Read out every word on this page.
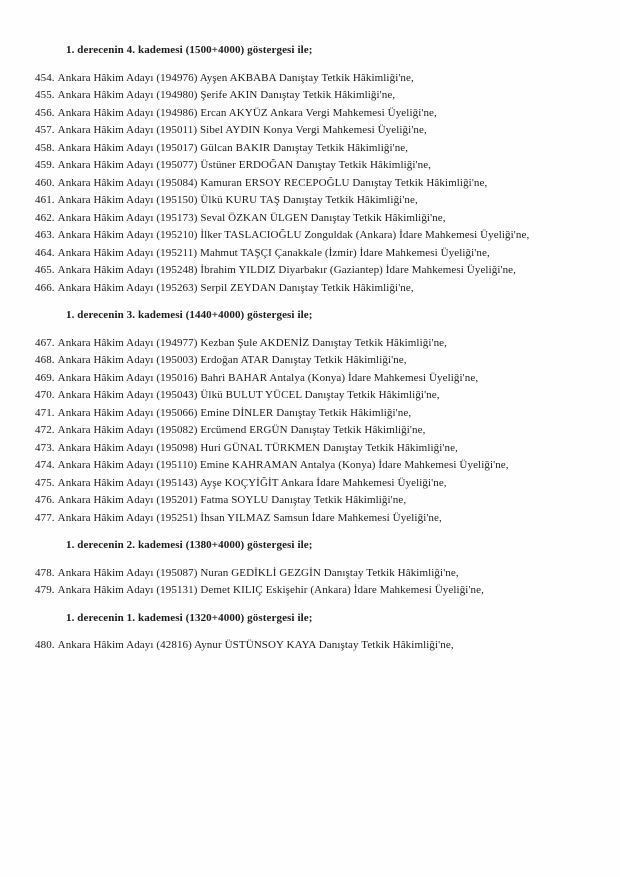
1. derecenin 4. kademesi (1500+4000) göstergesi ile;

454. Ankara Hâkim Adayı (194976) Ayşen AKBABA Danıştay Tetkik Hâkimliği'ne,

455. Ankara Hâkim Adayı (194980) Şerife AKIN Danıştay Tetkik Hâkimliği'ne,

456. Ankara Hâkim Adayı (194986) Ercan AKYÜZ Ankara Vergi Mahkemesi Üyeliği'ne,

457. Ankara Hâkim Adayı (195011) Sibel AYDIN Konya Vergi Mahkemesi Üyeliği'ne,

458. Ankara Hâkim Adayı (195017) Gülcan BAKIR Danıştay Tetkik Hâkimliği'ne,

459. Ankara Hâkim Adayı (195077) Üstüner ERDOĞAN Danıştay Tetkik Hâkimliği'ne,

460. Ankara Hâkim Adayı (195084) Kamuran ERSOY RECEPOĞLU Danıştay Tetkik Hâkimliği'ne,

461. Ankara Hâkim Adayı (195150) Ülkü KURU TAŞ Danıştay Tetkik Hâkimliği'ne,

462. Ankara Hâkim Adayı (195173) Seval ÖZKAN ÜLGEN Danıştay Tetkik Hâkimliği'ne,

463. Ankara Hâkim Adayı (195210) İlker TASLACIOĞLU Zonguldak (Ankara) İdare Mahkemesi Üyeliği'ne,

464. Ankara Hâkim Adayı (195211) Mahmut TAŞÇI Çanakkale (İzmir) İdare Mahkemesi Üyeliği'ne,

465. Ankara Hâkim Adayı (195248) İbrahim YILDIZ Diyarbakır (Gaziantep) İdare Mahkemesi Üyeliği'ne,

466. Ankara Hâkim Adayı (195263) Serpil ZEYDAN Danıştay Tetkik Hâkimliği'ne,

1. derecenin 3. kademesi (1440+4000) göstergesi ile;

467. Ankara Hâkim Adayı (194977) Kezban Şule AKDENİZ Danıştay Tetkik Hâkimliği'ne,

468. Ankara Hâkim Adayı (195003) Erdoğan ATAR Danıştay Tetkik Hâkimliği'ne,

469. Ankara Hâkim Adayı (195016) Bahri BAHAR Antalya (Konya) İdare Mahkemesi Üyeliği'ne,

470. Ankara Hâkim Adayı (195043) Ülkü BULUT YÜCEL Danıştay Tetkik Hâkimliği'ne,

471. Ankara Hâkim Adayı (195066) Emine DİNLER Danıştay Tetkik Hâkimliği'ne,

472. Ankara Hâkim Adayı (195082) Ercümend ERGÜN Danıştay Tetkik Hâkimliği'ne,

473. Ankara Hâkim Adayı (195098) Huri GÜNAL TÜRKMEN Danıştay Tetkik Hâkimliği'ne,

474. Ankara Hâkim Adayı (195110) Emine KAHRAMAN Antalya (Konya) İdare Mahkemesi Üyeliği'ne,

475. Ankara Hâkim Adayı (195143) Ayşe KOÇYİĞİT Ankara İdare Mahkemesi Üyeliği'ne,

476. Ankara Hâkim Adayı (195201) Fatma SOYLU Danıştay Tetkik Hâkimliği'ne,

477. Ankara Hâkim Adayı (195251) İhsan YILMAZ Samsun İdare Mahkemesi Üyeliği'ne,

1. derecenin 2. kademesi (1380+4000) göstergesi ile;

478. Ankara Hâkim Adayı (195087) Nuran GEDİKLİ GEZGİN Danıştay Tetkik Hâkimliği'ne,

479. Ankara Hâkim Adayı (195131) Demet KILIÇ Eskişehir (Ankara) İdare Mahkemesi Üyeliği'ne,

1. derecenin 1. kademesi (1320+4000) göstergesi ile;

480. Ankara Hâkim Adayı (42816) Aynur ÜSTÜNSOY KAYA Danıştay Tetkik Hâkimliği'ne,
